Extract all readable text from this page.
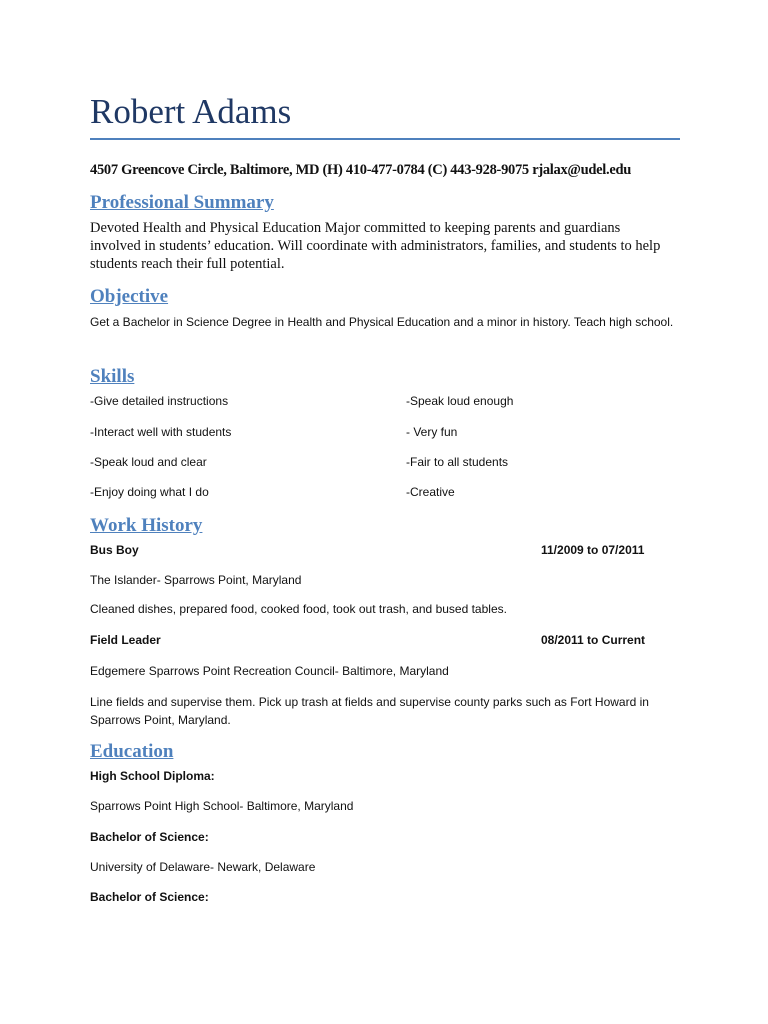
Robert Adams
4507 Greencove Circle, Baltimore, MD (H) 410-477-0784 (C) 443-928-9075 rjalax@udel.edu
Professional Summary
Devoted Health and Physical Education Major committed to keeping parents and guardians involved in students’ education. Will coordinate with administrators, families, and students to help students reach their full potential.
Objective
Get a Bachelor in Science Degree in Health and Physical Education and a minor in history. Teach high school.
Skills
-Give detailed instructions	-Speak loud enough
-Interact well with students	- Very fun
-Speak loud and clear	-Fair to all students
-Enjoy doing what I do	-Creative
Work History
Bus Boy	11/2009 to 07/2011
The Islander- Sparrows Point, Maryland
Cleaned dishes, prepared food, cooked food, took out trash, and bused tables.
Field Leader	08/2011 to Current
Edgemere Sparrows Point Recreation Council- Baltimore, Maryland
Line fields and supervise them. Pick up trash at fields and supervise county parks such as Fort Howard in Sparrows Point, Maryland.
Education
High School Diploma:
Sparrows Point High School- Baltimore, Maryland
Bachelor of Science:
University of Delaware- Newark, Delaware
Bachelor of Science:
